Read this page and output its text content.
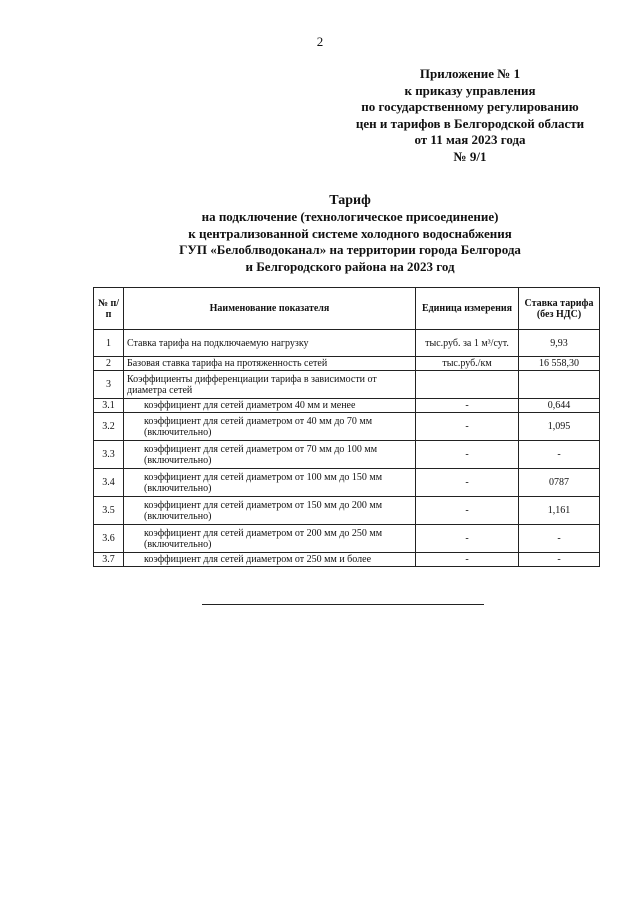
2
Приложение № 1
к приказу управления
по государственному регулированию
цен и тарифов в Белгородской области
от 11 мая 2023 года
№ 9/1
Тариф
на подключение (технологическое присоединение)
к централизованной системе холодного водоснабжения
ГУП «Белоблводоканал» на территории города Белгорода
и Белгородского района на 2023 год
№ п/п	Наименование показателя	Единица измерения	Ставка тарифа (без НДС)
1	Ставка тарифа на подключаемую нагрузку	тыс.руб. за 1 м³/сут.	9,93
2	Базовая ставка тарифа на протяженность сетей	тыс.руб./км	16 558,30
3	Коэффициенты дифференциации тарифа в зависимости от диаметра сетей		
3.1	коэффициент для сетей диаметром 40 мм и менее	-	0,644
3.2	коэффициент для сетей диаметром от 40 мм до 70 мм (включительно)	-	1,095
3.3	коэффициент для сетей диаметром от 70 мм до 100 мм (включительно)	-	-
3.4	коэффициент для сетей диаметром от 100 мм до 150 мм (включительно)	-	0787
3.5	коэффициент для сетей диаметром от 150 мм до 200 мм (включительно)	-	1,161
3.6	коэффициент для сетей диаметром от 200 мм до 250 мм (включительно)	-	-
3.7	коэффициент для сетей диаметром от 250 мм и более	-	-
